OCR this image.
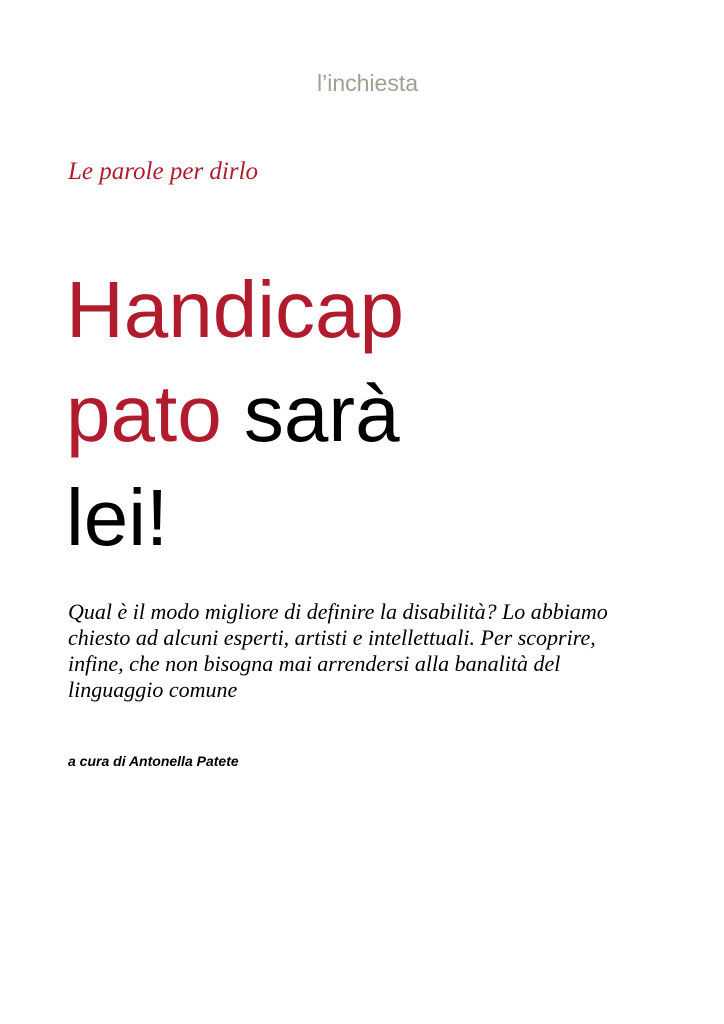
l’inchiesta
Le parole per dirlo
Handicap
pato sarà
lei!

Qual è il modo migliore di definire la disabilità? Lo abbiamo chiesto ad alcuni esperti, artisti e intellettuali. Per scoprire, infine, che non bisogna mai arrendersi alla banalità del linguaggio comune

a cura di Antonella Patete
